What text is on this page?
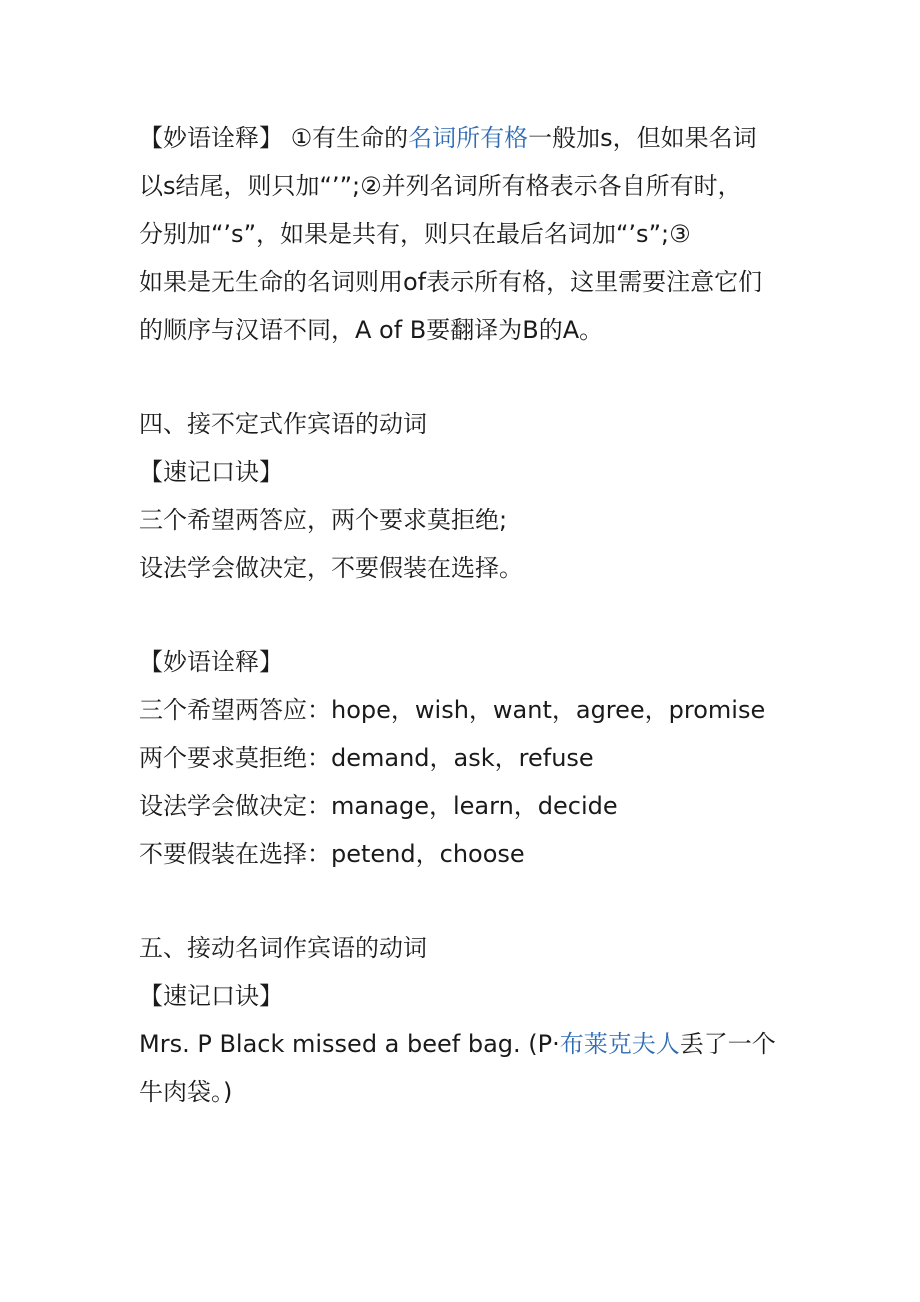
【妙语诠释】 ①有生命的名词所有格一般加s，但如果名词
以s结尾，则只加“’”;②并列名词所有格表示各自所有时，
分别加“’s”，如果是共有，则只在最后名词加“’s”;③
如果是无生命的名词则用of表示所有格，这里需要注意它们
的顺序与汉语不同，A of B要翻译为B的A。
四、接不定式作宾语的动词
【速记口诀】
三个希望两答应，两个要求莫拒绝;
设法学会做决定，不要假装在选择。
【妙语诠释】
三个希望两答应：hope，wish，want，agree，promise
两个要求莫拒绝：demand，ask，refuse
设法学会做决定：manage，learn，decide
不要假装在选择：petend，choose
五、接动名词作宾语的动词
【速记口诀】
Mrs. P Black missed a beef bag. (P·布莱克夫人丢了一个
牛肉袋。)
